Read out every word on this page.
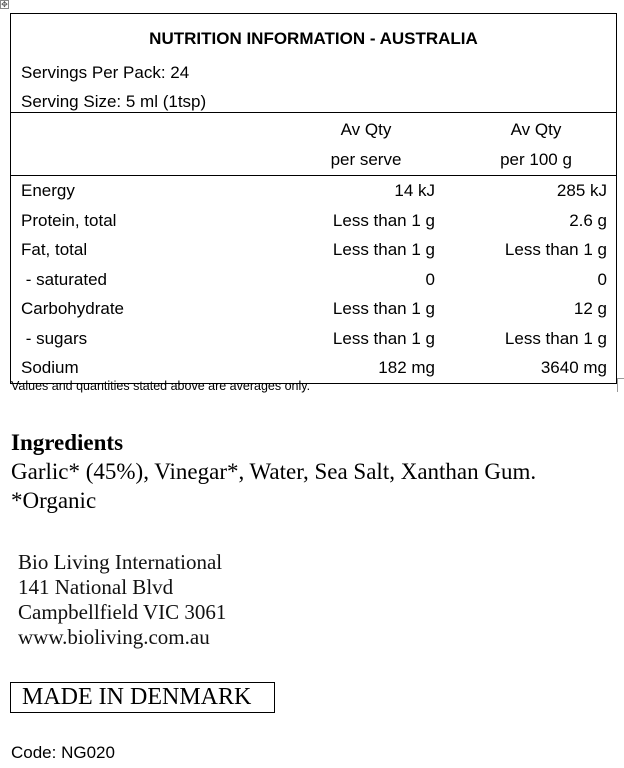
✥
NUTRITION INFORMATION - AUSTRALIA
Servings Per Pack: 24
Serving Size: 5 ml (1tsp)
Av Qty
per serve
Av Qty
per 100 g
Energy	14 kJ	285 kJ
Protein, total	Less than 1 g	2.6 g
Fat, total	Less than 1 g	Less than 1 g
- saturated	0	0
Carbohydrate	Less than 1 g	12 g
- sugars	Less than 1 g	Less than 1 g
Sodium	182 mg	3640 mg
Values and quantities stated above are averages only.
Ingredients
Garlic* (45%), Vinegar*, Water, Sea Salt, Xanthan Gum.
*Organic
Bio Living International
141 National Blvd
Campbellfield VIC 3061
www.bioliving.com.au
MADE IN DENMARK
Code: NG020
